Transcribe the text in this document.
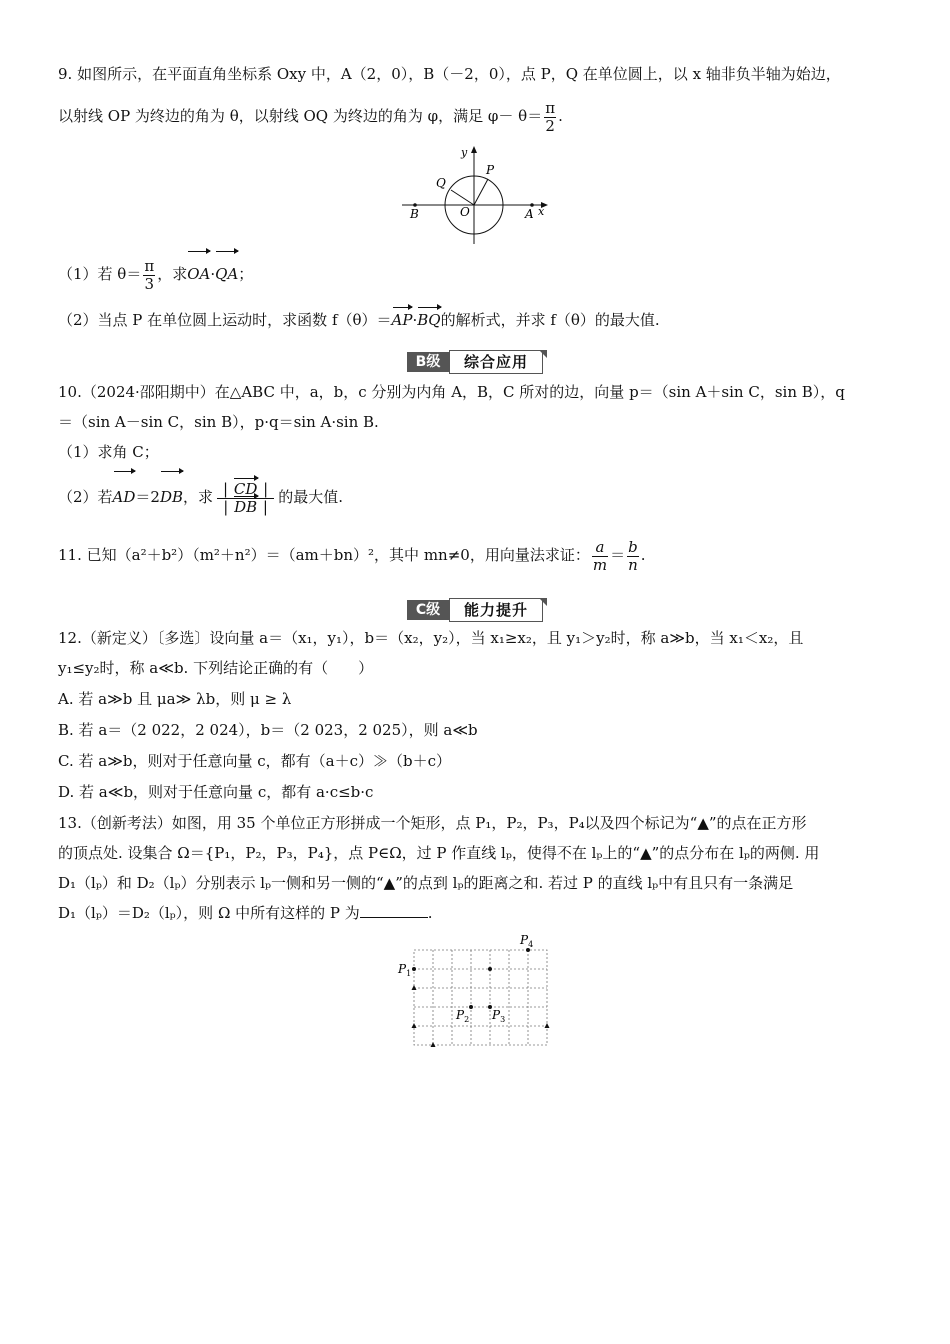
9. 如图所示，在平面直角坐标系 Oxy 中，A（2，0），B（－2，0），点 P，Q 在单位圆上，以 x 轴非负半轴为始边，
以射线 OP 为终边的角为 θ，以射线 OQ 为终边的角为 φ，满足 $\varphi- \theta= \frac{\pi}{2}$ .
y
P
Q
B	O	A x
（1）若 $\theta= \frac{\pi}{3}$ ，求OA·QA；
（2）当点 P 在单位圆上运动时，求函数 f（θ）＝AP·BQ的解析式，并求 f（θ）的最大值.
B级	综合应用
10.（2024·邵阳期中）在△ABC 中，a，b，c 分别为内角 A，B，C 所对的边，向量 p＝（sin A＋sin C，sin B），q
＝（sin A－sin C，sin B），p·q＝sin A·sin B.
（1）求角 C；
（2）若AD＝2DB，求 $\frac{| CD |}{| DB |}$ 的最大值.
11. 已知（a²＋b²）（m²＋n²）＝（am＋bn）²，其中 mn≠0，用向量法求证： $\frac{a}{m} = \frac{b}{n}$ .
C级	能力提升
12.（新定义）〔多选〕设向量 a＝（x₁，y₁），b＝（x₂，y₂），当 x₁≥x₂，且 y₁＞y₂时，称 a≫b，当 x₁＜x₂，且
y₁≤y₂时，称 a≪b. 下列结论正确的有（　　）
A. 若 a≫b 且 μa≫ λb，则 μ ≥ λ
B. 若 a＝（2 022，2 024），b＝（2 023，2 025），则 a≪b
C. 若 a≫b，则对于任意向量 c，都有（a＋c）≫（b＋c）
D. 若 a≪b，则对于任意向量 c，都有 a·c≤b·c
13.（创新考法）如图，用 35 个单位正方形拼成一个矩形，点 P₁，P₂，P₃，P₄以及四个标记为“▲”的点在正方形
的顶点处. 设集合 Ω＝{P₁，P₂，P₃，P₄}，点 P∈Ω，过 P 作直线 lₚ，使得不在 lₚ上的“▲”的点分布在 lₚ的两侧. 用
D₁（lₚ）和 D₂（lₚ）分别表示 lₚ一侧和另一侧的“▲”的点到 lₚ的距离之和. 若过 P 的直线 lₚ中有且只有一条满足
D₁（lₚ）＝D₂（lₚ），则 Ω 中所有这样的 P 为	.
$P_1$
$P_2$ $P_3$
$P_4$
